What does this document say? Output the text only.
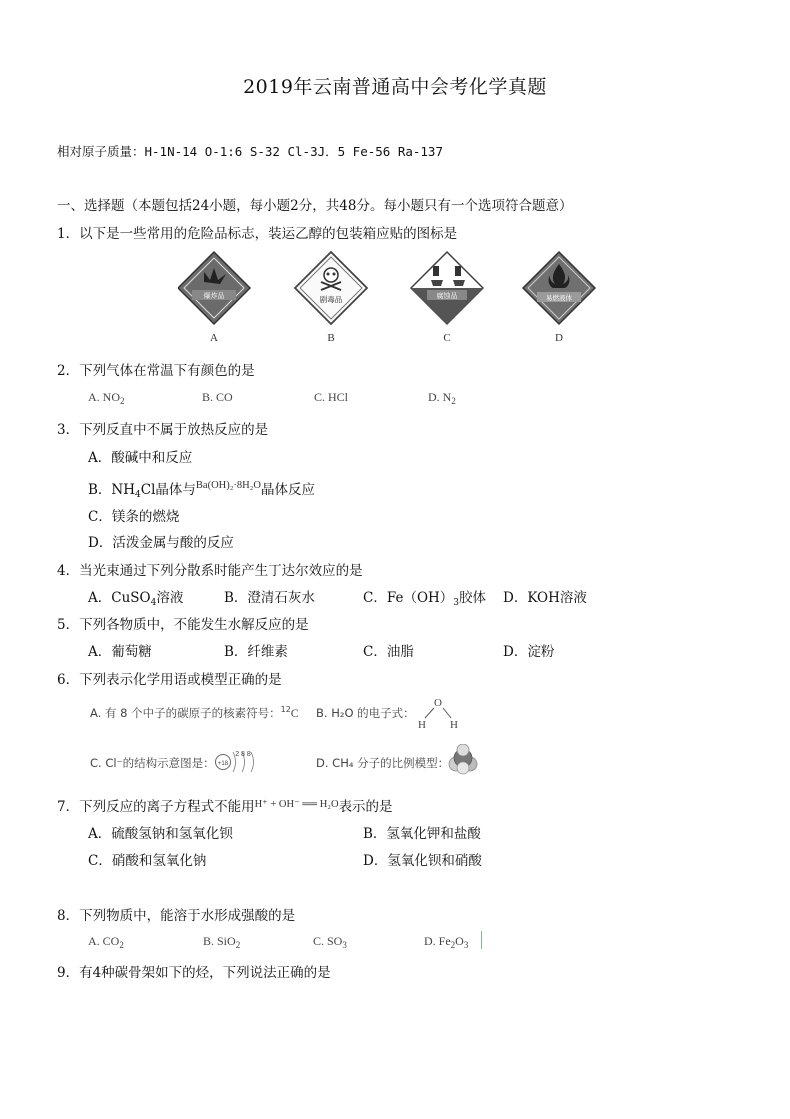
2019年云南普通高中会考化学真题
相对原子质量：H-1N-14 O-1:6 S-32 Cl-3J．5 Fe-56 Ra-137
一、选择题（本题包括24小题，每小题2分，共48分。每小题只有一个选项符合题意）
1．以下是一些常用的危险品标志，装运乙醇的包装箱应贴的图标是
爆炸品
A
剧毒品
B
腐蚀品
C
易燃液体
D
2．下列气体在常温下有颜色的是
A. $NO_2$	B. CO	C. HCl	D. $N_2$
3．下列反直中不属于放热反应的是
A．酸碱中和反应
B．$NH_4Cl$晶体与$^{Ba(OH)_2\cdot 8H_2O}$晶体反应
C．镁条的燃烧
D．活泼金属与酸的反应
4．当光束通过下列分散系时能产生丁达尔效应的是
A．CuSO$_4$溶液	B．澄清石灰水	C．$Fe(OH)_3$胶体 D．KOH溶液
5．下列各物质中，不能发生水解反应的是
A．葡萄糖	B．纤维素	C．油脂	D．淀粉
6．下列表示化学用语或模型正确的是
A. 有 8 个中子的碳原子的核素符号：$^{12}$C B. H₂O 的电子式：
O
H H
C. Cl⁻的结构示意图是： +18
2 8 8
D. CH₄ 分子的比例模型：
7．下列反应的离子方程式不能用$^{H^+ + OH^- ══ H_2O}$表示的是
A．硫酸氢钠和氢氧化钡	B．氢氧化钾和盐酸
C．硝酸和氢氧化钠	D．氢氧化钡和硝酸
8．下列物质中，能溶于水形成强酸的是
A. $CO_2$	B. SiO$_2$	C. $SO_3$	D. $Fe_2O_3$
9．有4种碳骨架如下的烃，下列说法正确的是
